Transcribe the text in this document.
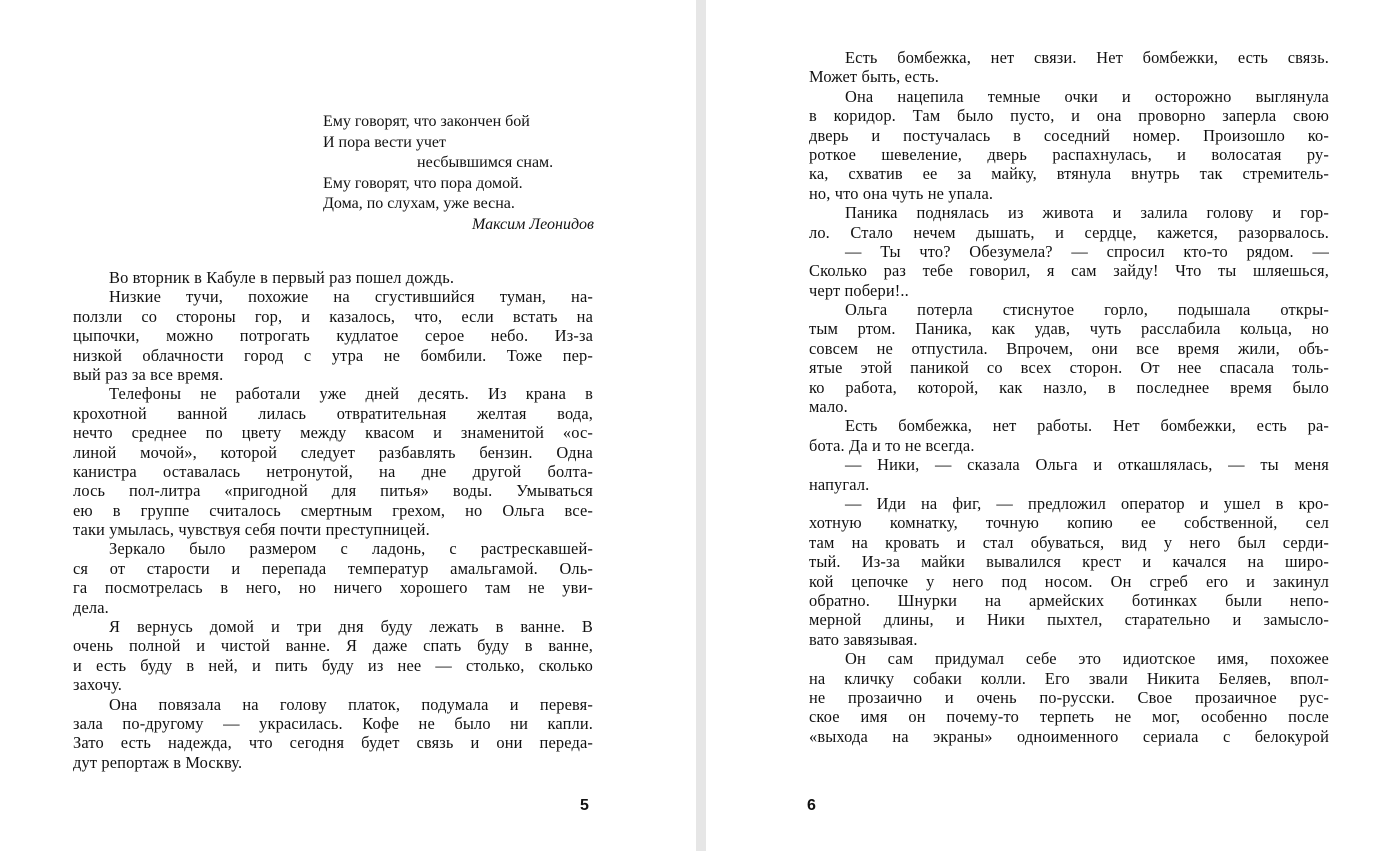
Ему говорят, что закончен бой
И пора вести учет
несбывшимся снам.
Ему говорят, что пора домой.
Дома, по слухам, уже весна.
Максим Леонидов
Во вторник в Кабуле в первый раз пошел дождь.
Низкие тучи, похожие на сгустившийся туман, на-
ползли со стороны гор, и казалось, что, если встать на
цыпочки, можно потрогать кудлатое серое небо. Из-за
низкой облачности город с утра не бомбили. Тоже пер-
вый раз за все время.
Телефоны не работали уже дней десять. Из крана в
крохотной ванной лилась отвратительная желтая вода,
нечто среднее по цвету между квасом и знаменитой «ос-
линой мочой», которой следует разбавлять бензин. Одна
канистра оставалась нетронутой, на дне другой болта-
лось пол-литра «пригодной для питья» воды. Умываться
ею в группе считалось смертным грехом, но Ольга все-
таки умылась, чувствуя себя почти преступницей.
Зеркало было размером с ладонь, с растрескавшей-
ся от старости и перепада температур амальгамой. Оль-
га посмотрелась в него, но ничего хорошего там не уви-
дела.
Я вернусь домой и три дня буду лежать в ванне. В
очень полной и чистой ванне. Я даже спать буду в ванне,
и есть буду в ней, и пить буду из нее — столько, сколько
захочу.
Она повязала на голову платок, подумала и перевя-
зала по-другому — украсилась. Кофе не было ни капли.
Зато есть надежда, что сегодня будет связь и они переда-
дут репортаж в Москву.
5
Есть бомбежка, нет связи. Нет бомбежки, есть связь.
Может быть, есть.
Она нацепила темные очки и осторожно выглянула
в коридор. Там было пусто, и она проворно заперла свою
дверь и постучалась в соседний номер. Произошло ко-
роткое шевеление, дверь распахнулась, и волосатая ру-
ка, схватив ее за майку, втянула внутрь так стремитель-
но, что она чуть не упала.
Паника поднялась из живота и залила голову и гор-
ло. Стало нечем дышать, и сердце, кажется, разорвалось.
— Ты что? Обезумела? — спросил кто-то рядом. —
Сколько раз тебе говорил, я сам зайду! Что ты шляешься,
черт побери!..
Ольга потерла стиснутое горло, подышала откры-
тым ртом. Паника, как удав, чуть расслабила кольца, но
совсем не отпустила. Впрочем, они все время жили, объ-
ятые этой паникой со всех сторон. От нее спасала толь-
ко работа, которой, как назло, в последнее время было
мало.
Есть бомбежка, нет работы. Нет бомбежки, есть ра-
бота. Да и то не всегда.
— Ники, — сказала Ольга и откашлялась, — ты меня
напугал.
— Иди на фиг, — предложил оператор и ушел в кро-
хотную комнатку, точную копию ее собственной, сел
там на кровать и стал обуваться, вид у него был серди-
тый. Из-за майки вывалился крест и качался на широ-
кой цепочке у него под носом. Он сгреб его и закинул
обратно. Шнурки на армейских ботинках были непо-
мерной длины, и Ники пыхтел, старательно и замысло-
вато завязывая.
Он сам придумал себе это идиотское имя, похожее
на кличку собаки колли. Его звали Никита Беляев, впол-
не прозаично и очень по-русски. Свое прозаичное рус-
ское имя он почему-то терпеть не мог, особенно после
«выхода на экраны» одноименного сериала с белокурой
6
